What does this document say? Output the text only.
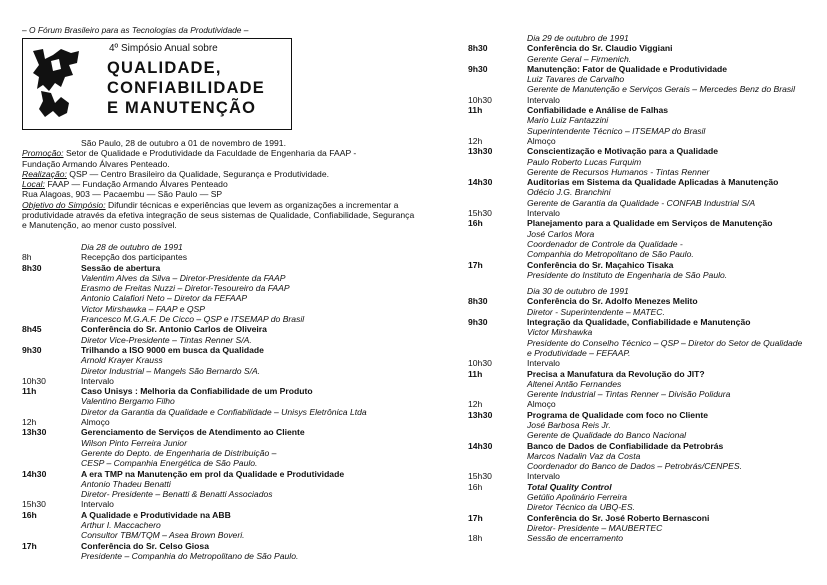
– O Fórum Brasileiro para as Tecnologias da Produtividade –
4º Simpósio Anual sobre
QUALIDADE,
CONFIABILIDADE
E MANUTENÇÃO
São Paulo, 28 de outubro a 01 de novembro de 1991.
Promoção: Setor de Qualidade e Produtividade da Faculdade de Engenharia da FAAP -
Fundação Armando Álvares Penteado.
Realização: QSP — Centro Brasileiro da Qualidade, Segurança e Produtividade.
Local: FAAP — Fundação Armando Álvares Penteado
Rua Alagoas, 903 — Pacaembu — São Paulo — SP
Objetivo do Simpósio: Difundir técnicas e experiências que levem as organizações a incrementar a produtividade através da efetiva integração de seus sistemas de Qualidade, Confiabilidade, Segurança e Manutenção, ao menor custo possível.
Dia 28 de outubro de 1991
8h	Recepção dos participantes
8h30	Sessão de abertura
Valentim Alves da Silva – Diretor-Presidente da FAAP
Erasmo de Freitas Nuzzi – Diretor-Tesoureiro da FAAP
Antonio Calafiori Neto – Diretor da FEFAAP
Victor Mirshawka – FAAP e QSP
Francesco M.G.A.F. De Cicco – QSP e ITSEMAP do Brasil
8h45	Conferência do Sr. Antonio Carlos de Oliveira
Diretor Vice-Presidente – Tintas Renner S/A.
9h30	Trilhando a ISO 9000 em busca da Qualidade
Arnold Krayer Krauss
Diretor Industrial – Mangels São Bernardo S/A.
10h30	Intervalo
11h	Caso Unisys : Melhoria da Confiabilidade de um Produto
Valentino Bergamo Filho
Diretor da Garantia da Qualidade e Confiabilidade – Unisys Eletrônica Ltda
12h	Almoço
13h30	Gerenciamento de Serviços de Atendimento ao Cliente
Wilson Pinto Ferreira Junior
Gerente do Depto. de Engenharia de Distribuição –
CESP – Companhia Energética de São Paulo.
14h30	A era TMP na Manutenção em prol da Qualidade e Produtividade
Antonio Thadeu Benatti
Diretor- Presidente – Benatti & Benatti Associados
15h30	Intervalo
16h	A Qualidade e Produtividade na ABB
Arthur I. Maccachero
Consultor TBM/TQM – Asea Brown Boveri.
17h	Conferência do Sr. Celso Giosa
Presidente – Companhia do Metropolitano de São Paulo.
Dia 29 de outubro de 1991
8h30	Conferência do Sr. Claudio Viggiani
Gerente Geral – Firmenich.
9h30	Manutenção: Fator de Qualidade e Produtividade
Luiz Tavares de Carvalho
Gerente de Manutenção e Serviços Gerais – Mercedes Benz do Brasil
10h30	Intervalo
11h	Confiabilidade e Análise de Falhas
Mario Luiz Fantazzini
Superintendente Técnico – ITSEMAP do Brasil
12h	Almoço
13h30	Conscientização e Motivação para a Qualidade
Paulo Roberto Lucas Furquim
Gerente de Recursos Humanos - Tintas Renner
14h30	Auditorias em Sistema da Qualidade Aplicadas à Manutenção
Odécio J.G. Branchini
Gerente de Garantia da Qualidade - CONFAB Industrial S/A
15h30	Intervalo
16h	Planejamento para a Qualidade em Serviços de Manutenção
José Carlos Mora
Coordenador de Controle da Qualidade -
Companhia do Metropolitano de São Paulo.
17h	Conferência do Sr. Maçahico Tisaka
Presidente do Instituto de Engenharia de São Paulo.
Dia 30 de outubro de 1991
8h30	Conferência do Sr. Adolfo Menezes Melito
Diretor - Superintendente – MATEC.
9h30	Integração da Qualidade, Confiabilidade e Manutenção
Victor Mirshawka
Presidente do Conselho Técnico – QSP – Diretor do Setor de Qualidade
e Produtividade – FEFAAP.
10h30	Intervalo
11h	Precisa a Manufatura da Revolução do JIT?
Altenei Antão Fernandes
Gerente Industrial – Tintas Renner – Divisão Polidura
12h	Almoço
13h30	Programa de Qualidade com foco no Cliente
José Barbosa Reis Jr.
Gerente de Qualidade do Banco Nacional
14h30	Banco de Dados de Confiabilidade da Petrobrás
Marcos Nadalin Vaz da Costa
Coordenador do Banco de Dados – Petrobrás/CENPES.
15h30	Intervalo
16h	Total Quality Control
Getúlio Apolinário Ferreira
Diretor Técnico da UBQ-ES.
17h	Conferência do Sr. José Roberto Bernasconi
Diretor- Presidente – MAUBERTEC
18h	Sessão de encerramento
